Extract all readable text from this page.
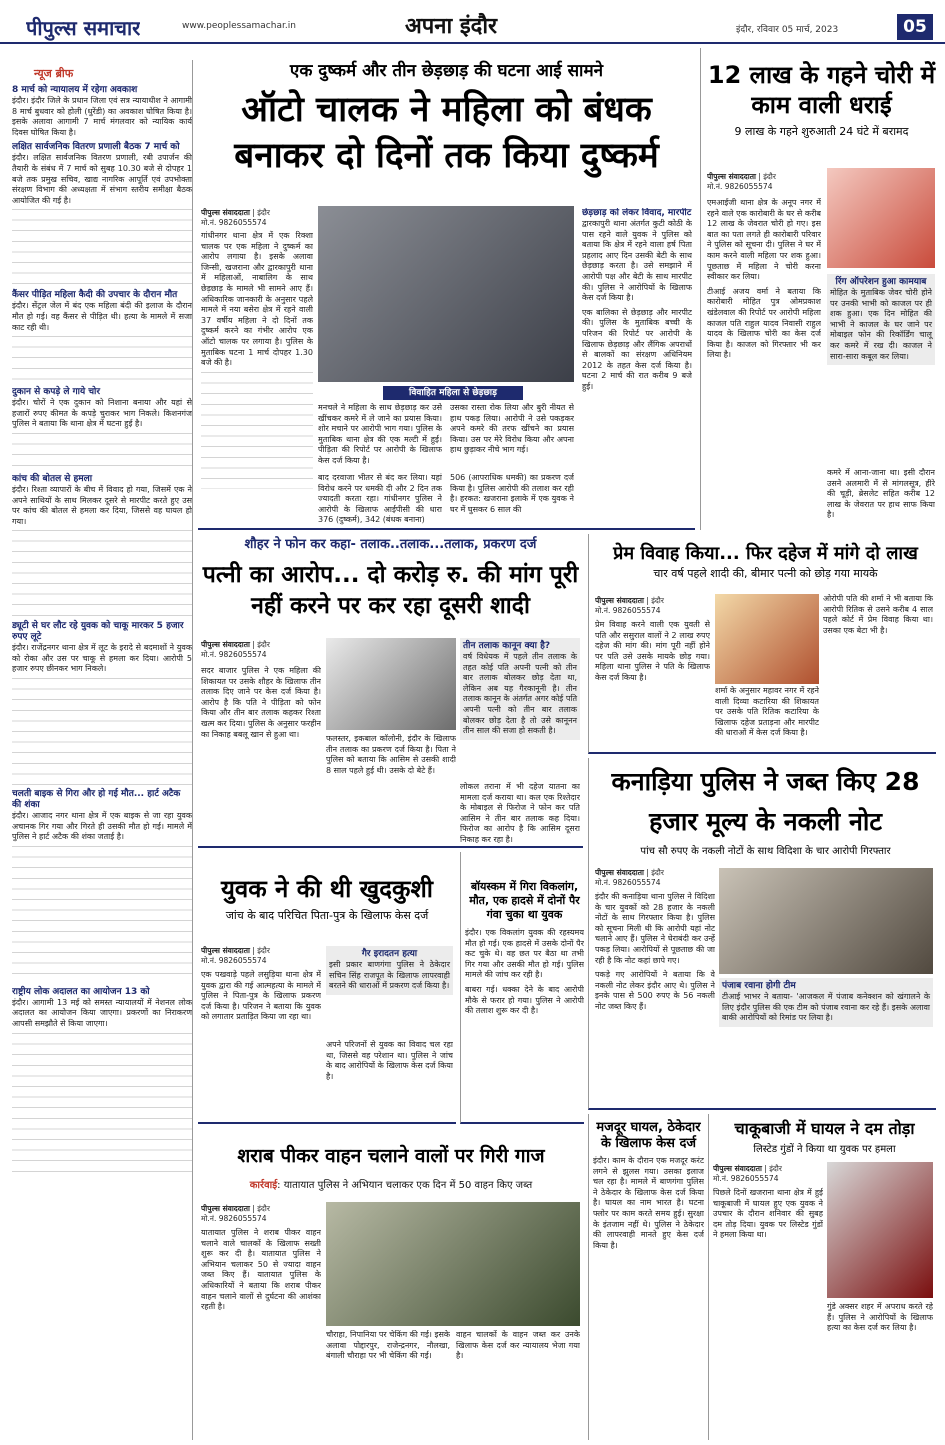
पीपुल्स समाचार	www.peoplessamachar.in	अपना इंदौर	इंदौर, रविवार 05 मार्च, 2023	05
न्यूज ब्रीफ
8 मार्च को न्यायालय में रहेगा अवकाश
इंदौर। इंदौर जिले के प्रधान जिला एवं सत्र न्यायाधीश ने आगामी 8 मार्च बुधवार को होली (धुरेंडी) का अवकाश घोषित किया है। इसके अलावा आगामी 7 मार्च मंगलवार को न्यायिक कार्य दिवस घोषित किया है।
लक्षित सार्वजनिक वितरण प्रणाली बैठक 7 मार्च को
इंदौर। लक्षित सार्वजनिक वितरण प्रणाली, रबी उपार्जन की तैयारी के संबंध में 7 मार्च को सुबह 10.30 बजे से दोपहर 1 बजे तक प्रमुख सचिव, खाद्य नागरिक आपूर्ति एवं उपभोक्ता संरक्षण विभाग की अध्यक्षता में संभाग स्तरीय समीक्षा बैठक आयोजित की गई है।
कैंसर पीड़ित महिला कैदी की उपचार के दौरान मौत
इंदौर। सेंट्रल जेल में बंद एक महिला बंदी की इलाज के दौरान मौत हो गई। वह कैंसर से पीड़ित थी। हत्या के मामले में सजा काट रही थी।
दुकान से कपड़े ले गाये चोर
इंदौर। चोरों ने एक दुकान को निशाना बनाया और यहां से हजारों रुपए कीमत के कपड़े चुराकर भाग निकले। किशनगंज पुलिस ने बताया कि थाना क्षेत्र में घटना हुई है।
कांच की बोतल से हमला
इंदौर। रिश्ता व्यापारों के बीच में विवाद हो गया, जिसमें एक ने अपने साथियों के साथ मिलकर दूसरे से मारपीट करते हुए उस पर कांच की बोतल से हमला कर दिया, जिससे वह घायल हो गया।
ड्यूटी से घर लौट रहे युवक को चाकू मारकर 5 हजार रुपए लूटे
इंदौर। राजेंद्रनगर थाना क्षेत्र में लूट के इरादे से बदमाशों ने युवक को रोका और उस पर चाकू से हमला कर दिया। आरोपी 5 हजार रुपए छीनकर भाग निकले।
चलती बाइक से गिरा और हो गई मौत... हार्ट अटैक की शंका
इंदौर। आजाद नगर थाना क्षेत्र में एक बाइक से जा रहा युवक अचानक गिर गया और गिरते ही उसकी मौत हो गई। मामले में पुलिस ने हार्ट अटैक की शंका जताई है।
राष्ट्रीय लोक अदालत का आयोजन 13 को
इंदौर। आगामी 13 मई को समस्त न्यायालयों में नेशनल लोक अदालत का आयोजन किया जाएगा। प्रकरणों का निराकरण आपसी समझौते से किया जाएगा।
एक दुष्कर्म और तीन छेड़छाड़ की घटना आई सामने
ऑटो चालक ने महिला को बंधक बनाकर दो दिनों तक किया दुष्कर्म
पीपुल्स संवाददाता | इंदौर
मो.नं. 9826055574
गांधीनगर थाना क्षेत्र में एक रिक्शा चालक पर एक महिला ने दुष्कर्म का आरोप लगाया है। इसके अलावा जिन्सी, खजराना और द्वारकापुरी थाना में महिलाओं, नाबालिग के साथ छेड़छाड़ के मामले भी सामने आए हैं। अधिकारिक जानकारी के अनुसार पहले मामले में नया बसेरा क्षेत्र में रहने वाली 37 वर्षीय महिला ने दो दिनों तक दुष्कर्म करने का गंभीर आरोप एक ऑटो चालक पर लगाया है। पुलिस के मुताबिक घटना 1 मार्च दोपहर 1.30 बजे की है।
विवाहित महिला से छेड़छाड़
मनचले ने महिला के साथ छेड़छाड़ कर उसे खींचकर कमरे में ले जाने का प्रयास किया। शोर मचाने पर आरोपी भाग गया। पुलिस के मुताबिक थाना क्षेत्र की एक मल्टी में हुई। पीड़िता की रिपोर्ट पर आरोपी के खिलाफ केस दर्ज किया है।
उसका रास्ता रोक लिया और बुरी नीयत से हाथ पकड़ लिया। आरोपी ने उसे पकड़कर अपने कमरे की तरफ खींचने का प्रयास किया। उस पर मेरे विरोध किया और अपना हाथ छुड़ाकर नीचे भाग गई।
बाद दरवाजा भीतर से बंद कर लिया। यहां विरोध करने पर धमकी दी और 2 दिन तक ज्यादती करता रहा। गांधीनगर पुलिस ने आरोपी के खिलाफ आईपीसी की धारा 376 (दुष्कर्म), 342 (बंधक बनाना)
506 (आपराधिक धमकी) का प्रकरण दर्ज किया है। पुलिस आरोपी की तलाश कर रही है। हरकत: खजराना इलाके में एक युवक ने घर में घुसकर 6 साल की
छेड़छाड़ को लेकर विवाद, मारपीट
द्वारकापुरी थाना अंतर्गत कुटी कोठी के पास रहने वाले युवक ने पुलिस को बताया कि क्षेत्र में रहने वाला हर्ष पिता प्रहलाद आए दिन उसकी बेटी के साथ छेड़छाड़ करता है। उसे समझाने में आरोपी पक्ष और बेटी के साथ मारपीट की। पुलिस ने आरोपियों के खिलाफ केस दर्ज किया है।
एक बालिका से छेड़छाड़ और मारपीट की। पुलिस के मुताबिक बच्ची के परिजन की रिपोर्ट पर आरोपी के खिलाफ छेड़छाड़ और लैंगिक अपराधों से बालकों का संरक्षण अधिनियम 2012 के तहत केस दर्ज किया है। घटना 2 मार्च की रात करीब 9 बजे हुई।
12 लाख के गहने चोरी में काम वाली धराई
9 लाख के गहने शुरुआती 24 घंटे में बरामद
पीपुल्स संवाददाता | इंदौर
मो.नं. 9826055574
एमआईजी थाना क्षेत्र के अनूप नगर में रहने वाले एक कारोबारी के घर से करीब 12 लाख के जेवरात चोरी हो गए। इस बात का पता लगते ही कारोबारी परिवार ने पुलिस को सूचना दी। पुलिस ने घर में काम करने वाली महिला पर शक हुआ। पूछताछ में महिला ने चोरी करना स्वीकार कर लिया।
टीआई अजय वर्मा ने बताया कि कारोबारी मोहित पुत्र ओमप्रकाश खंडेलवाल की रिपोर्ट पर आरोपी महिला काजल पति राहुल यादव निवासी राहुल यादव के खिलाफ चोरी का केस दर्ज किया है। काजल को गिरफ्तार भी कर लिया है।
रिंग ऑपरेशन हुआ कामयाब
मोहित के मुताबिक जेवर चोरी होने पर उनकी भाभी को काजल पर ही शक हुआ। एक दिन मोहित की भाभी ने काजल के घर जाने पर मोबाइल फोन की रिकॉर्डिंग चालू कर कमरे में रख दी। काजल ने सारा-सारा कबूल कर लिया।
कमरे में आना-जाना था। इसी दौरान उसने अलमारी में से मांगलसूत्र, हीरे की चूड़ी, ब्रेसलेट सहित करीब 12 लाख के जेवरात पर हाथ साफ किया है।
शौहर ने फोन कर कहा- तलाक..तलाक...तलाक, प्रकरण दर्ज
पत्नी का आरोप... दो करोड़ रु. की मांग पूरी नहीं करने पर कर रहा दूसरी शादी
पीपुल्स संवाददाता | इंदौर
मो.नं. 9826055574
सदर बाजार पुलिस ने एक महिला की शिकायत पर उसके शौहर के खिलाफ तीन तलाक दिए जाने पर केस दर्ज किया है। आरोप है कि पति ने पीड़िता को फोन किया और तीन बार तलाक कहकर रिश्ता खत्म कर दिया। पुलिस के अनुसार फरहीन का निकाह बबलू खान से हुआ था।	फलस्तर, इकबाल कॉलोनी, इंदौर के खिलाफ तीन तलाक का प्रकरण दर्ज किया है। पिता ने पुलिस को बताया कि आसिम से उसकी शादी 8 साल पहले हुई थी। उसके दो बेटे हैं।
तीन तलाक कानून क्या है?
वर्ष विधेयक में पहले तीन तलाक के तहत कोई पति अपनी पत्नी को तीन बार तलाक बोलकर छोड़ देता था, लेकिन अब यह गैरकानूनी है। तीन तलाक कानून के अंतर्गत अगर कोई पति अपनी पत्नी को तीन बार तलाक बोलकर छोड़ देता है तो उसे कानूनन तीन साल की सजा हो सकती है।
लोकल तराना में भी दहेज यातना का मामला दर्ज कराया था। कल एक रिश्तेदार के मोबाइल से फिरोज ने फोन कर पति आसिम ने तीन बार तलाक कह दिया। फिरोज का आरोप है कि आसिम दूसरा निकाह कर रहा है।
प्रेम विवाह किया... फिर दहेज में मांगे दो लाख
चार वर्ष पहले शादी की, बीमार पत्नी को छोड़ गया मायके
पीपुल्स संवाददाता | इंदौर
मो.नं. 9826055574
प्रेम विवाह करने वाली एक युवती से पति और ससुराल वालों ने 2 लाख रुपए दहेज की मांग की। मांग पूरी नहीं होने पर पति उसे उसके मायके छोड़ गया। महिला थाना पुलिस ने पति के खिलाफ केस दर्ज किया है।
शर्मा के अनुसार महावर नगर में रहने वाली दिव्या कटारिया की शिकायत पर उसके पति रितिक कटारिया के खिलाफ दहेज प्रताड़ना और मारपीट की धाराओं में केस दर्ज किया है।
ओरोपी पति की शर्मा ने भी बताया कि आरोपी रितिक से उसने करीब 4 साल पहले कोर्ट में प्रेम विवाह किया था। उसका एक बेटा भी है।
कनाड़िया पुलिस ने जब्त किए 28 हजार मूल्य के नकली नोट
पांच सौ रुपए के नकली नोटों के साथ विदिशा के चार आरोपी गिरफ्तार
पीपुल्स संवाददाता | इंदौर
मो.नं. 9826055574
इंदौर की कनाड़िया थाना पुलिस ने विदिशा के चार युवकों को 28 हजार के नकली नोटों के साथ गिरफ्तार किया है। पुलिस को सूचना मिली थी कि आरोपी यहां नोट चलाने आए हैं। पुलिस ने घेराबंदी कर उन्हें पकड़ लिया। आरोपियों से पूछताछ की जा रही है कि नोट कहां छापे गए।
पकड़े गए आरोपियों ने बताया कि वे नकली नोट लेकर इंदौर आए थे। पुलिस ने इनके पास से 500 रुपए के 56 नकली नोट जब्त किए हैं।
पंजाब रवाना होगी टीम
टीआई भाभर ने बताया- 'आजकल में पंजाब कनेक्शन को खंगालने के लिए इंदौर पुलिस की एक टीम को पंजाब रवाना कर रहे हैं। इसके अलावा बाकी आरोपियों को रिमांड पर लिया है।
युवक ने की थी खुदकुशी
जांच के बाद परिचित पिता-पुत्र के खिलाफ केस दर्ज
पीपुल्स संवाददाता | इंदौर
मो.नं. 9826055574
एक पखवाड़े पहले लसुड़िया थाना क्षेत्र में युवक द्वारा की गई आत्महत्या के मामले में पुलिस ने पिता-पुत्र के खिलाफ प्रकरण दर्ज किया है। परिजन ने बताया कि युवक को लगातार प्रताड़ित किया जा रहा था।
गैर इरादतन हत्या
इसी प्रकार बाणगंगा पुलिस ने ठेकेदार सचिन सिंह राजपूत के खिलाफ लापरवाही बरतने की धाराओं में प्रकरण दर्ज किया है।
अपने परिजनों से युवक का विवाद चल रहा था, जिससे वह परेशान था। पुलिस ने जांच के बाद आरोपियों के खिलाफ केस दर्ज किया है।
बॉयस्कम में गिरा विकलांग, मौत, एक हादसे में दोनों पैर गंवा चुका था युवक
इंदौर। एक विकलांग युवक की रहस्यमय मौत हो गई। एक हादसे में उसके दोनों पैर कट चुके थे। वह छत पर बैठा था तभी गिर गया और उसकी मौत हो गई। पुलिस मामले की जांच कर रही है।
बाबरा गई। धक्का देने के बाद आरोपी मौके से फरार हो गया। पुलिस ने आरोपी की तलाश शुरू कर दी है।
शराब पीकर वाहन चलाने वालों पर गिरी गाज
कार्रवाई: यातायात पुलिस ने अभियान चलाकर एक दिन में 50 वाहन किए जब्त
पीपुल्स संवाददाता | इंदौर
मो.नं. 9826055574
यातायात पुलिस ने शराब पीकर वाहन चलाने वाले चालकों के खिलाफ सख्ती शुरू कर दी है। यातायात पुलिस ने अभियान चलाकर 50 से ज्यादा वाहन जब्त किए हैं। यातायात पुलिस के अधिकारियों ने बताया कि शराब पीकर वाहन चलाने वालों से दुर्घटना की आशंका रहती है।
चौराहा, निपानिया पर चेकिंग की गई। इसके अलावा पोद्दारपुर, राजेन्द्रनगर, नौलखा, बंगाली चौराहा पर भी चेकिंग की गई।
वाहन चालकों के वाहन जब्त कर उनके खिलाफ केस दर्ज कर न्यायालय भेजा गया है।
मजदूर घायल, ठेकेदार के खिलाफ केस दर्ज
इंदौर। काम के दौरान एक मजदूर करंट लगने से झुलस गया। उसका इलाज चल रहा है। मामले में बाणगंगा पुलिस ने ठेकेदार के खिलाफ केस दर्ज किया है। घायल का नाम भारत है। घटना फ्लोर पर काम करते समय हुई। सुरक्षा के इंतजाम नहीं थे। पुलिस ने ठेकेदार की लापरवाही मानते हुए केस दर्ज किया है।
चाकूबाजी में घायल ने दम तोड़ा
लिस्टेड गुंडों ने किया था युवक पर हमला
पीपुल्स संवाददाता | इंदौर
मो.नं. 9826055574
पिछले दिनों खजराना थाना क्षेत्र में हुई चाकूबाजी में घायल हुए एक युवक ने उपचार के दौरान शनिवार की सुबह दम तोड़ दिया। युवक पर लिस्टेड गुंडों ने हमला किया था।
गुंडे अक्सर शहर में अपराध करते रहे हैं। पुलिस ने आरोपियों के खिलाफ हत्या का केस दर्ज कर लिया है।
